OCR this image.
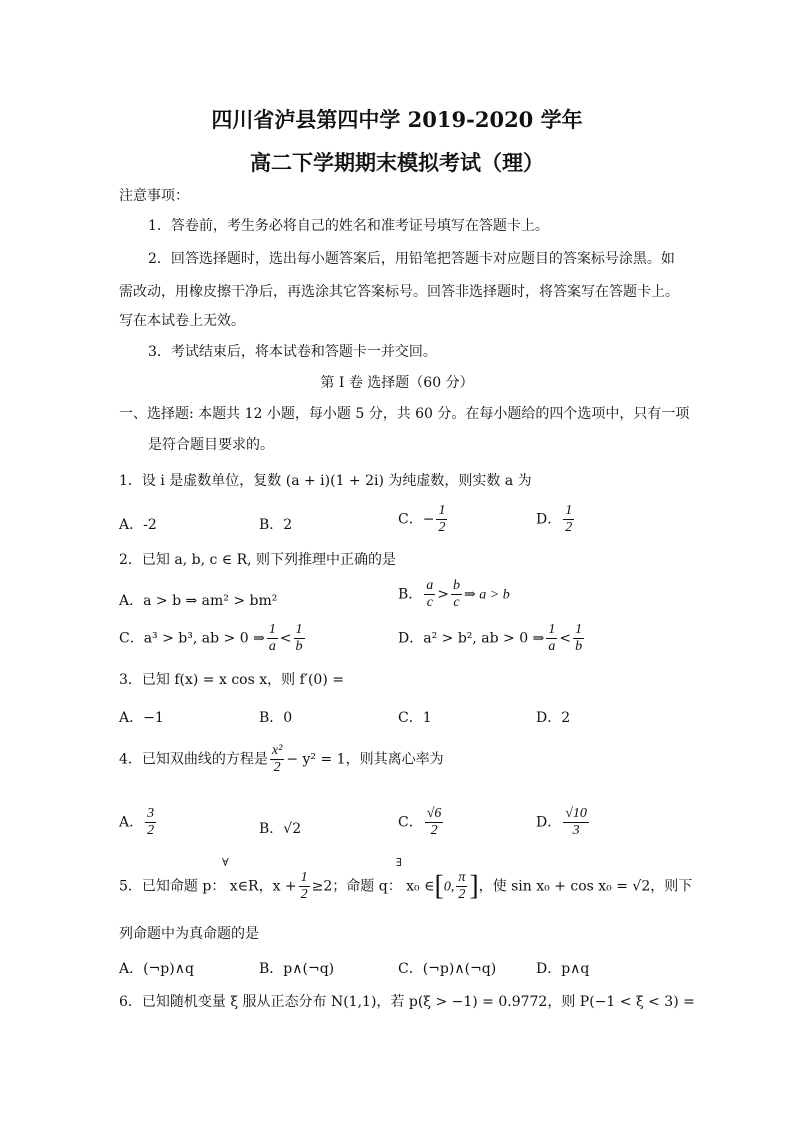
四川省泸县第四中学 2019-2020 学年
高二下学期期末模拟考试（理）
注意事项：
1．答卷前，考生务必将自己的姓名和准考证号填写在答题卡上。
2．回答选择题时，选出每小题答案后，用铅笔把答题卡对应题目的答案标号涂黑。如
需改动，用橡皮擦干净后，再选涂其它答案标号。回答非选择题时，将答案写在答题卡上。
写在本试卷上无效。
3．考试结束后，将本试卷和答题卡一并交回。
第 I 卷 选择题（60 分）
一、选择题: 本题共 12 小题，每小题 5 分，共 60 分。在每小题给的四个选项中，只有一项
是符合题目要求的。
1．设 i 是虚数单位，复数 (a + i)(1 + 2i) 为纯虚数，则实数 a 为
A．-2	B．2	C．− $\frac{1}{2}$	D． $\frac{1}{2}$
2．已知 a, b, c ∈ R, 则下列推理中正确的是
A．a > b ⇒ am² > bm²	B． $\frac{a}{c} > \frac{b}{c}$ ⇒ a > b
C．a³ > b³, ab > 0 ⇒ $\frac{1}{a} < \frac{1}{b}$	D．a² > b², ab > 0 ⇒ $\frac{1}{a} < \frac{1}{b}$
3．已知 f(x) = x cos x，则 f′(0) =
A．−1	B．0	C．1	D．2
4．已知双曲线的方程是 $\frac{\text{x²}}{2} - y^2 = 1$，则其离心率为
A． $\frac{3}{2}$	B．√2	C． $\frac{√6}{2}$	D． $\frac{√10}{3}$
∀	∃
5．已知命题 p： x∈R，$x + \frac{1}{2} \ge 2$；命题 q： x₀ ∈[0, $\frac{\pi}{2}$ ]，使 sin x₀ + cos x₀ = √2，则下
列命题中为真命题的是
A．(¬p)∧q	B．p∧(¬q)	C．(¬p)∧(¬q)	D．p∧q
6．已知随机变量 ξ 服从正态分布 N(1,1)，若 p(ξ > −1) = 0.9772，则 P(−1 < ξ < 3) =
